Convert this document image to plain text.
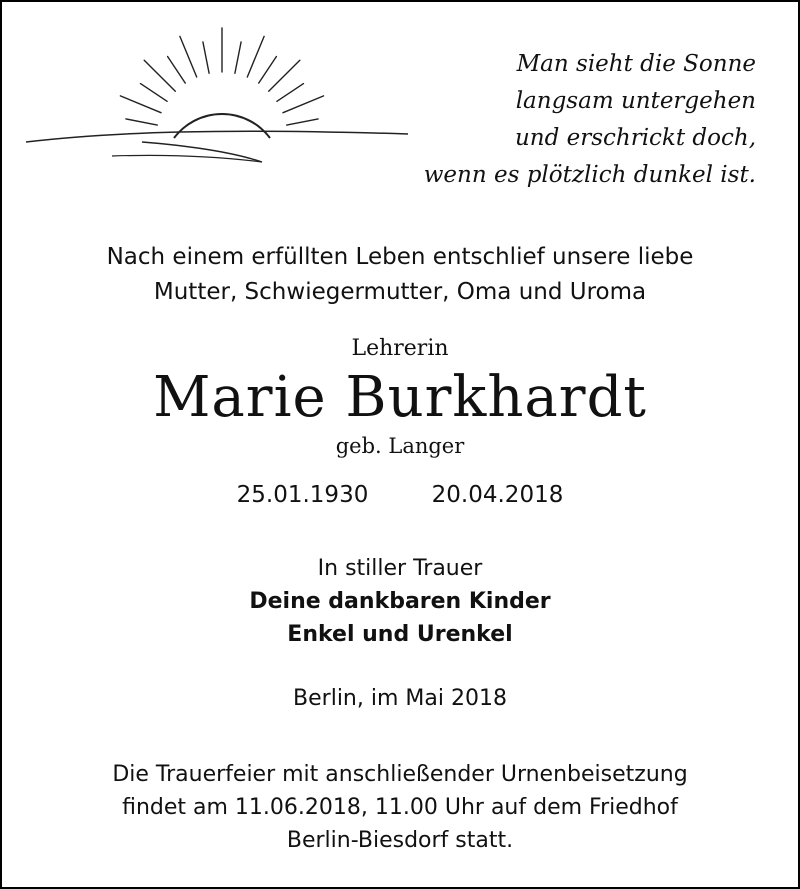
Man sieht die Sonne
langsam untergehen
und erschrickt doch,
wenn es plötzlich dunkel ist.
Nach einem erfüllten Leben entschlief unsere liebe
Mutter, Schwiegermutter, Oma und Uroma
Lehrerin
Marie Burkhardt
geb. Langer
25.01.1930	20.04.2018
In stiller Trauer
Deine dankbaren Kinder
Enkel und Urenkel
Berlin, im Mai 2018
Die Trauerfeier mit anschließender Urnenbeisetzung
findet am 11.06.2018, 11.00 Uhr auf dem Friedhof
Berlin-Biesdorf statt.
